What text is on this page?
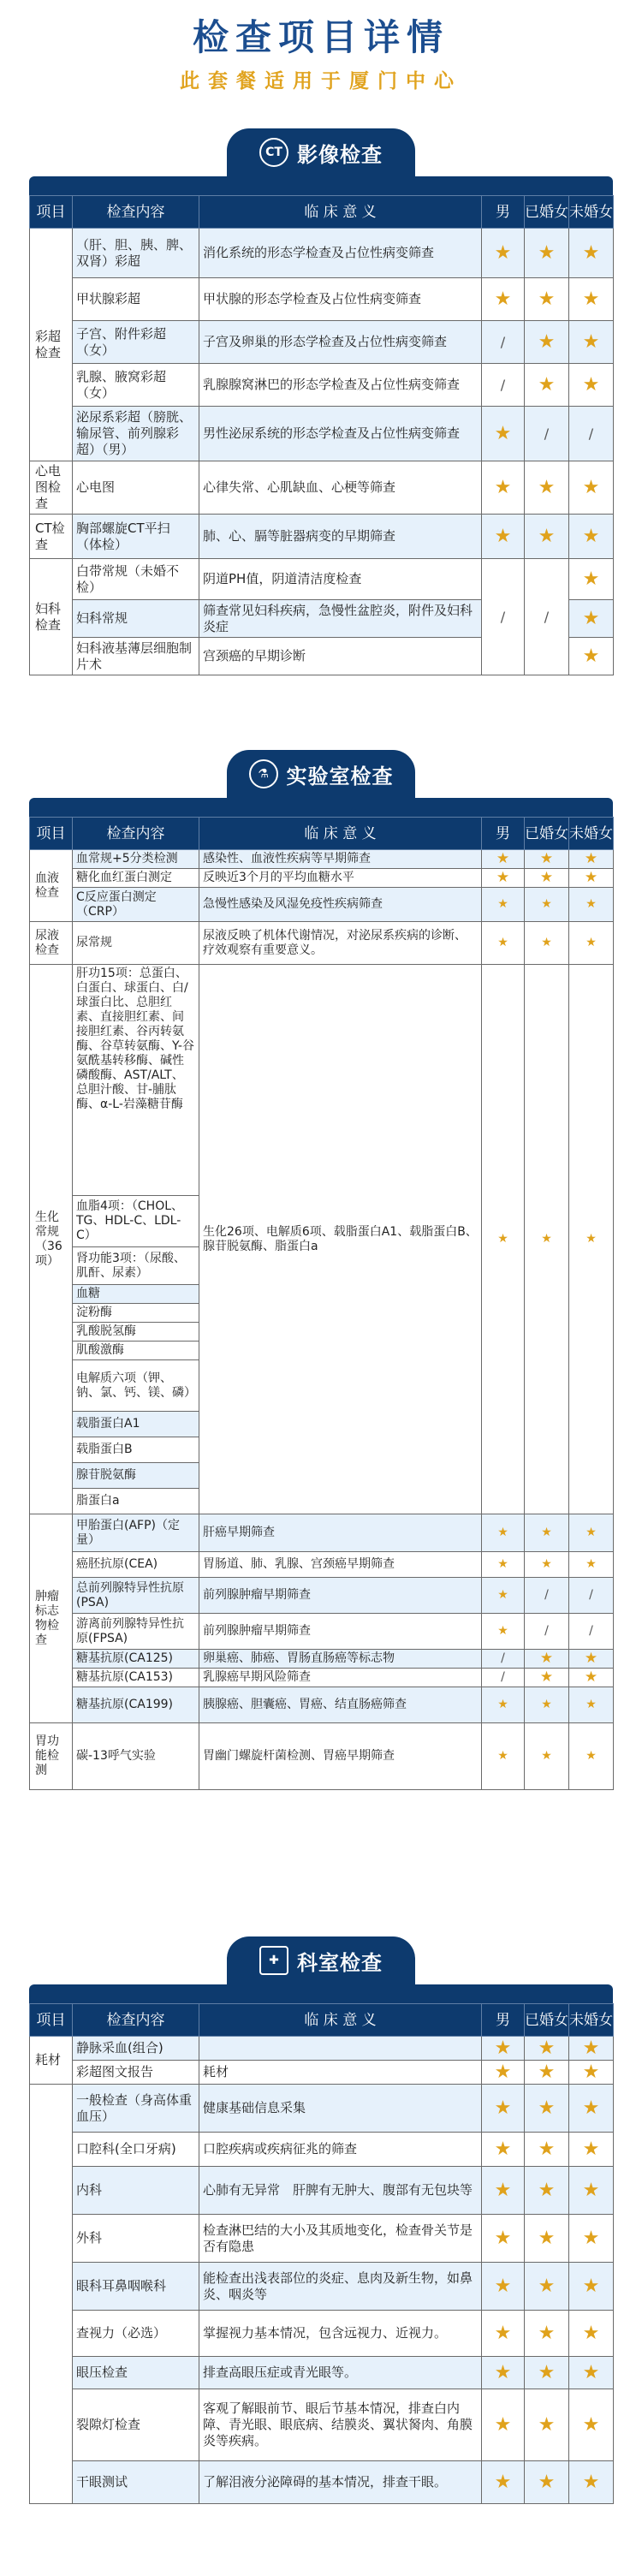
检查项目详情
此套餐适用于厦门中心
CT 影像检查
项目	检查内容	临 床 意 义	男	已婚女	未婚女
彩超检查	（肝、胆、胰、脾、双肾）彩超	消化系统的形态学检查及占位性病变筛查	★	★	★
	甲状腺彩超	甲状腺的形态学检查及占位性病变筛查	★	★	★
	子宫、附件彩超（女）	子宫及卵巢的形态学检查及占位性病变筛查	/	★	★
	乳腺、腋窝彩超（女）	乳腺腺窝淋巴的形态学检查及占位性病变筛查	/	★	★
	泌尿系彩超（膀胱、输尿管、前列腺彩超）（男）	男性泌尿系统的形态学检查及占位性病变筛查	★	/	/
心电图检查	心电图	心律失常、心肌缺血、心梗等筛查	★	★	★
CT检查	胸部螺旋CT平扫（体检）	肺、心、膈等脏器病变的早期筛查	★	★	★
妇科检查	白带常规（未婚不检）	阴道PH值，阴道清洁度检查	/	/	★
	妇科常规	筛查常见妇科疾病，急慢性盆腔炎，附件及妇科炎症			★
	妇科液基薄层细胞制片术	宫颈癌的早期诊断			★
⚗ 实验室检查
项目	检查内容	临 床 意 义	男	已婚女	未婚女
血液检查	血常规+5分类检测	感染性、血液性疾病等早期筛查	★	★	★
	糖化血红蛋白测定	反映近3个月的平均血糖水平	★	★	★
	C反应蛋白测定（CRP）	急慢性感染及风湿免疫性疾病筛查	★	★	★
尿液检查	尿常规	尿液反映了机体代谢情况，对泌尿系疾病的诊断、疗效观察有重要意义。	★	★	★
生化常规（36项）	肝功15项：总蛋白、白蛋白、球蛋白、白/球蛋白比、总胆红素、直接胆红素、间接胆红素、谷丙转氨酶、谷草转氨酶、Y-谷氨酰基转移酶、碱性磷酸酶、AST/ALT、总胆汁酸、甘-脯肽酶、α-L-岩藻糖苷酶	生化26项、电解质6项、载脂蛋白A1、载脂蛋白B、腺苷脱氨酶、脂蛋白a	★	★	★
	血脂4项：（CHOL、TG、HDL-C、LDL-C）				
	肾功能3项：（尿酸、肌酐、尿素）				
	血糖				
	淀粉酶				
	乳酸脱氢酶				
	肌酸激酶				
	电解质六项（钾、钠、氯、钙、镁、磷）				
	载脂蛋白A1				
	载脂蛋白B				
	腺苷脱氨酶				
	脂蛋白a				
肿瘤标志物检查	甲胎蛋白(AFP)（定量）	肝癌早期筛查	★	★	★
	癌胚抗原(CEA)	胃肠道、肺、乳腺、宫颈癌早期筛查	★	★	★
	总前列腺特异性抗原(PSA)	前列腺肿瘤早期筛查	★	/	/
	游离前列腺特异性抗原(FPSA)	前列腺肿瘤早期筛查	★	/	/
	糖基抗原(CA125)	卵巢癌、肺癌、胃肠直肠癌等标志物	/	★	★
	糖基抗原(CA153)	乳腺癌早期风险筛查	/	★	★
	糖基抗原(CA199)	胰腺癌、胆囊癌、胃癌、结直肠癌筛查	★	★	★
胃功能检测	碳-13呼气实验	胃幽门螺旋杆菌检测、胃癌早期筛查	★	★	★
✚ 科室检查
项目	检查内容	临 床 意 义	男	已婚女	未婚女
耗材	静脉采血(组合)		★	★	★
	彩超图文报告	耗材	★	★	★
	一般检查（身高体重血压）	健康基础信息采集	★	★	★
	口腔科(全口牙病)	口腔疾病或疾病征兆的筛查	★	★	★
	内科	心肺有无异常　肝脾有无肿大、腹部有无包块等	★	★	★
	外科	检查淋巴结的大小及其质地变化，检查骨关节是否有隐患	★	★	★
	眼科耳鼻咽喉科	能检查出浅表部位的炎症、息肉及新生物，如鼻炎、咽炎等	★	★	★
	查视力（必选）	掌握视力基本情况，包含远视力、近视力。	★	★	★
	眼压检查	排查高眼压症或青光眼等。	★	★	★
	裂隙灯检查	客观了解眼前节、眼后节基本情况，排查白内障、青光眼、眼底病、结膜炎、翼状胬肉、角膜炎等疾病。	★	★	★
	干眼测试	了解泪液分泌障碍的基本情况，排查干眼。	★	★	★
